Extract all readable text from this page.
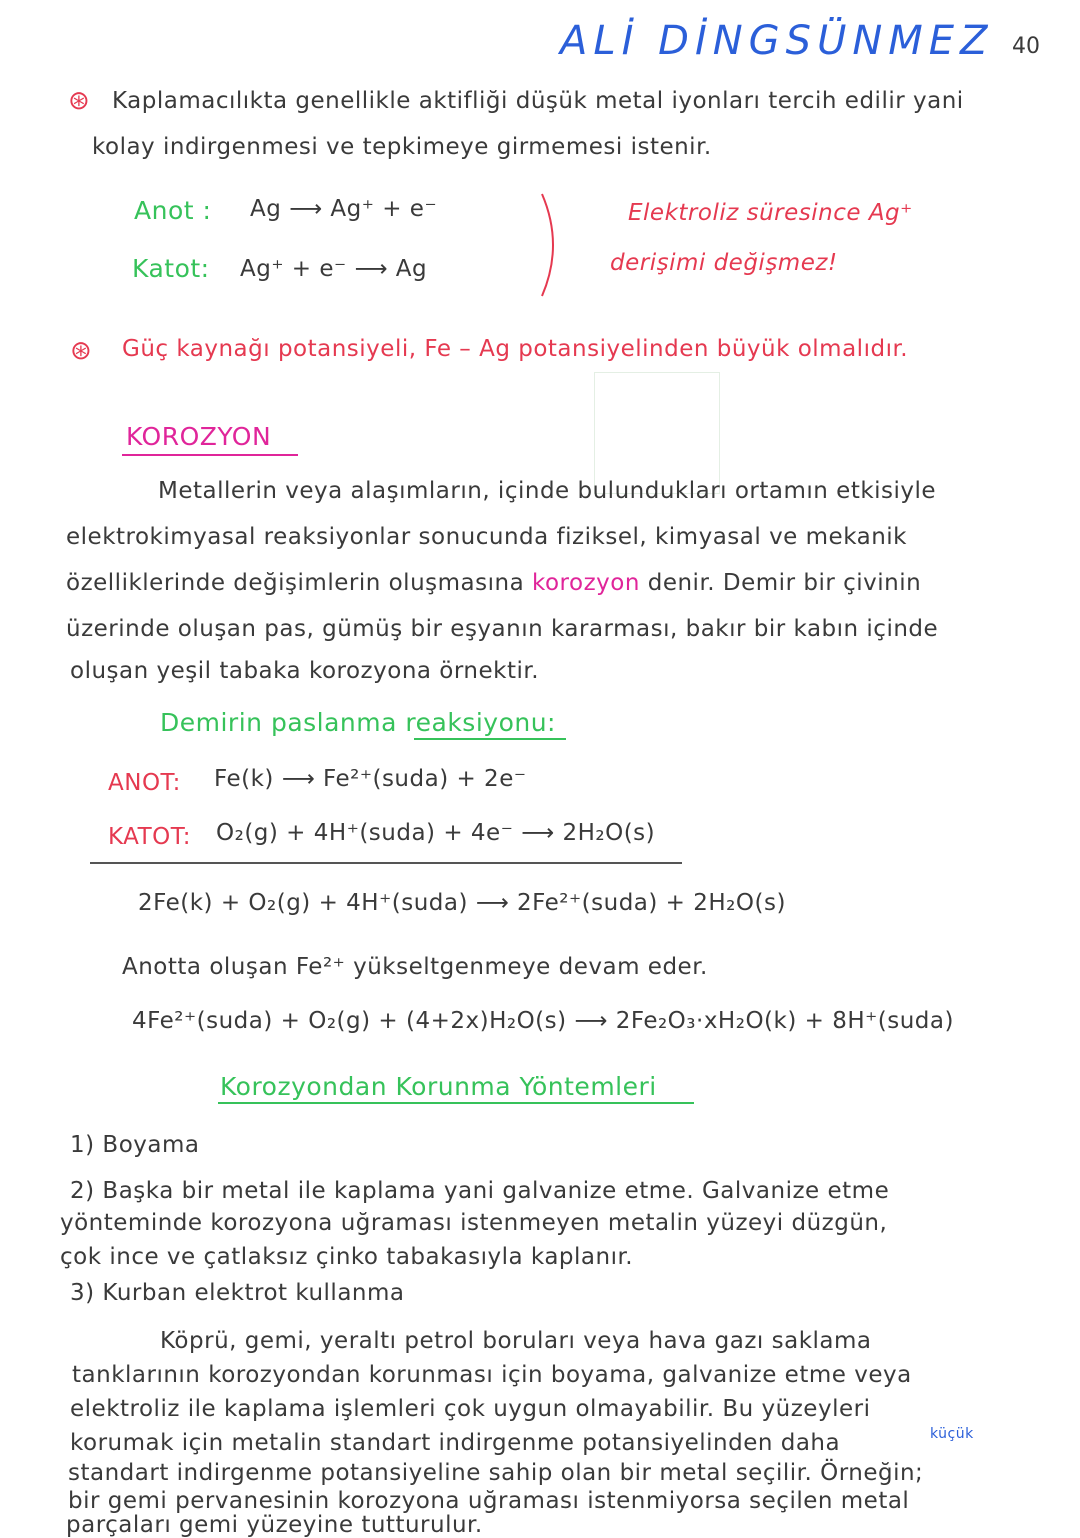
ALİ DİNGSÜNMEZ 40
⊛ Kaplamacılıkta genellikle aktifliği düşük metal iyonları tercih edilir yani
kolay indirgenmesi ve tepkimeye girmemesi istenir.
Anot : Ag ⟶ Ag⁺ + e⁻
Katot: Ag⁺ + e⁻ ⟶ Ag
Elektroliz süresince Ag⁺
derişimi değişmez!
⊛ Güç kaynağı potansiyeli, Fe – Ag potansiyelinden büyük olmalıdır.
KOROZYON
Metallerin veya alaşımların, içinde bulundukları ortamın etkisiyle
elektrokimyasal reaksiyonlar sonucunda fiziksel, kimyasal ve mekanik
özelliklerinde değişimlerin oluşmasına korozyon denir. Demir bir çivinin
üzerinde oluşan pas, gümüş bir eşyanın kararması, bakır bir kabın içinde
oluşan yeşil tabaka korozyona örnektir.
Demirin paslanma reaksiyonu:
ANOT: Fe(k) ⟶ Fe²⁺(suda) + 2e⁻
KATOT: O₂(g) + 4H⁺(suda) + 4e⁻ ⟶ 2H₂O(s)
2Fe(k) + O₂(g) + 4H⁺(suda) ⟶ 2Fe²⁺(suda) + 2H₂O(s)
Anotta oluşan Fe²⁺ yükseltgenmeye devam eder.
4Fe²⁺(suda) + O₂(g) + (4+2x)H₂O(s) ⟶ 2Fe₂O₃·xH₂O(k) + 8H⁺(suda)
Korozyondan Korunma Yöntemleri
1) Boyama
2) Başka bir metal ile kaplama yani galvanize etme. Galvanize etme
yönteminde korozyona uğraması istenmeyen metalin yüzeyi düzgün,
çok ince ve çatlaksız çinko tabakasıyla kaplanır.
3) Kurban elektrot kullanma
Köprü, gemi, yeraltı petrol boruları veya hava gazı saklama
tanklarının korozyondan korunması için boyama, galvanize etme veya
elektroliz ile kaplama işlemleri çok uygun olmayabilir. Bu yüzeyleri
korumak için metalin standart indirgenme potansiyelinden daha	küçük
standart indirgenme potansiyeline sahip olan bir metal seçilir. Örneğin;
bir gemi pervanesinin korozyona uğraması istenmiyorsa seçilen metal
parçaları gemi yüzeyine tutturulur.
